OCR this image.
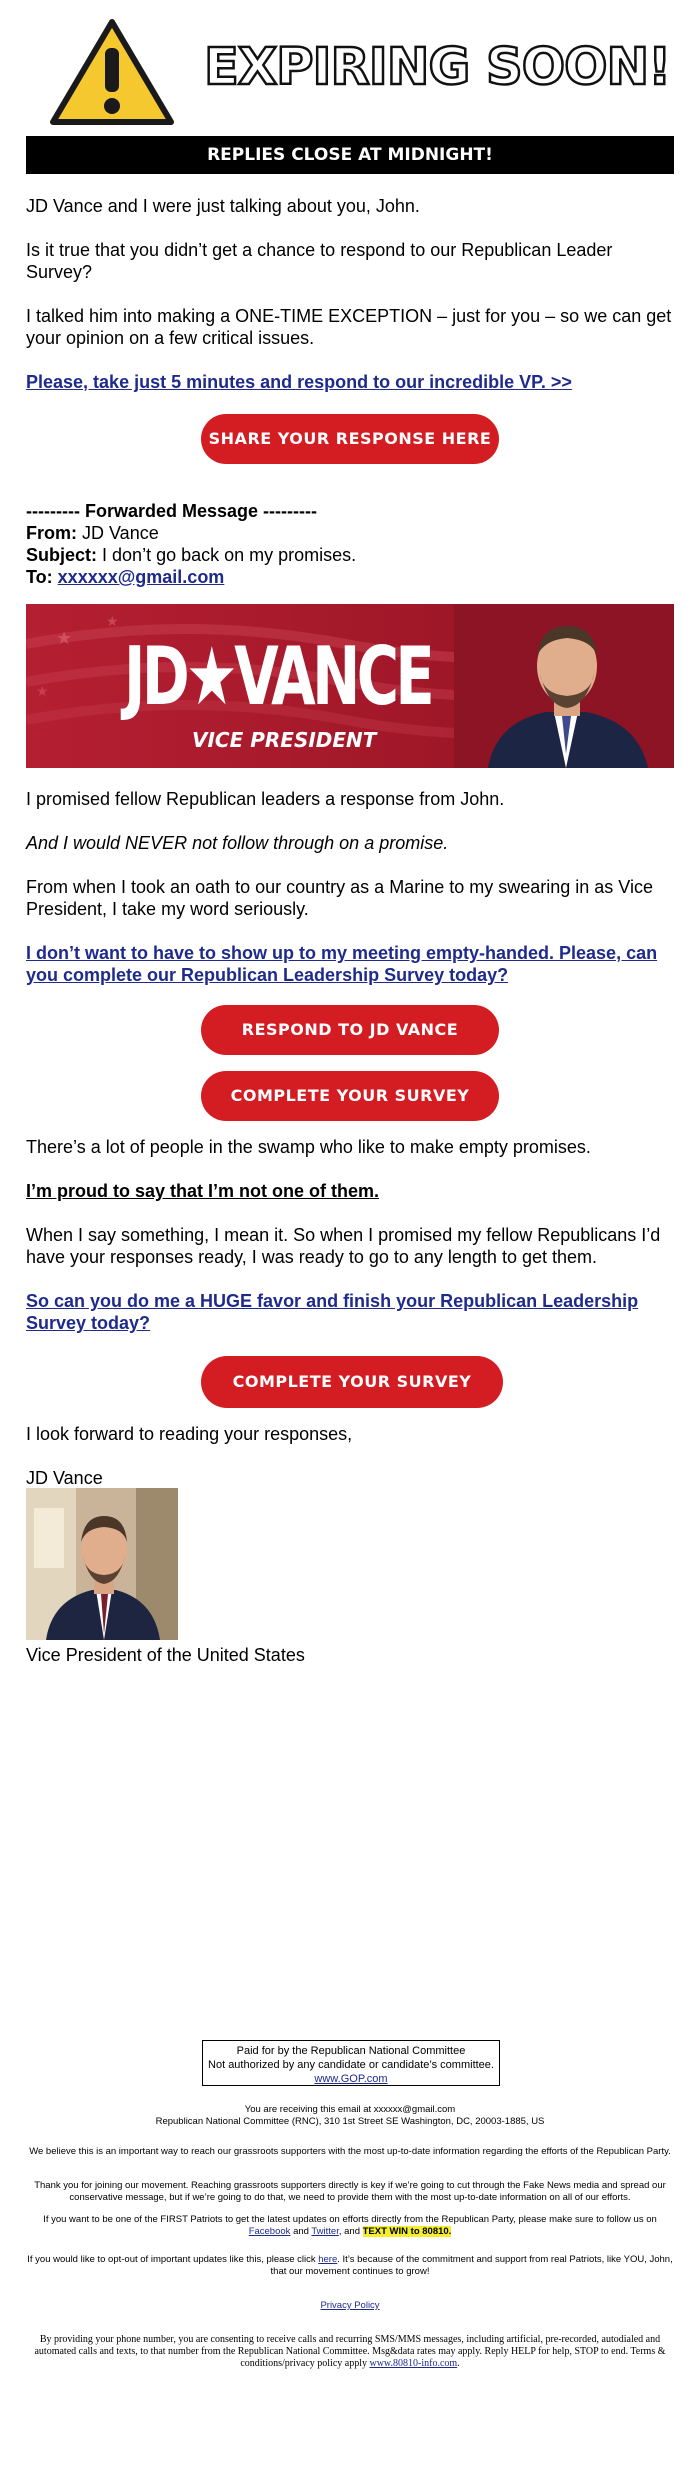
EXPIRING SOON!
REPLIES CLOSE AT MIDNIGHT!

JD Vance and I were just talking about you, John.

Is it true that you didn’t get a chance to respond to our Republican Leader Survey?

I talked him into making a ONE-TIME EXCEPTION – just for you – so we can get your opinion on a few critical issues.

Please, take just 5 minutes and respond to our incredible VP. >>

SHARE YOUR RESPONSE HERE
--------- Forwarded Message ---------
From: JD Vance
Subject: I don’t go back on my promises.
To: xxxxxx@gmail.com
★
★
★ JD★VANCE
VICE PRESIDENT

I promised fellow Republican leaders a response from John.

And I would NEVER not follow through on a promise.

From when I took an oath to our country as a Marine to my swearing in as Vice President, I take my word seriously.

I don’t want to have to show up to my meeting empty-handed. Please, can you complete our Republican Leadership Survey today?

RESPOND TO JD VANCE
COMPLETE YOUR SURVEY

There’s a lot of people in the swamp who like to make empty promises.

I’m proud to say that I’m not one of them.

When I say something, I mean it. So when I promised my fellow Republicans I’d have your responses ready, I was ready to go to any length to get them.

So can you do me a HUGE favor and finish your Republican Leadership Survey today?

COMPLETE YOUR SURVEY

I look forward to reading your responses,

JD Vance

Vice President of the United States

Paid for by the Republican National Committee
Not authorized by any candidate or candidate’s committee.
www.GOP.com

You are receiving this email at xxxxxx@gmail.com

Republican National Committee (RNC), 310 1st Street SE Washington, DC, 20003-1885, US

We believe this is an important way to reach our grassroots supporters with the most up-to-date information regarding the efforts of the Republican Party.

Thank you for joining our movement. Reaching grassroots supporters directly is key if we’re going to cut through the Fake News media and spread our conservative message, but if we’re going to do that, we need to provide them with the most up-to-date information on all of our efforts.

If you want to be one of the FIRST Patriots to get the latest updates on efforts directly from the Republican Party, please make sure to follow us on Facebook and Twitter, and TEXT WIN to 80810.

If you would like to opt-out of important updates like this, please click here. It’s because of the commitment and support from real Patriots, like YOU, John, that our movement continues to grow!

Privacy Policy

By providing your phone number, you are consenting to receive calls and recurring SMS/MMS messages, including artificial, pre-recorded, autodialed and automated calls and texts, to that number from the Republican National Committee. Msg&data rates may apply. Reply HELP for help, STOP to end. Terms & conditions/privacy policy apply www.80810-info.com.
